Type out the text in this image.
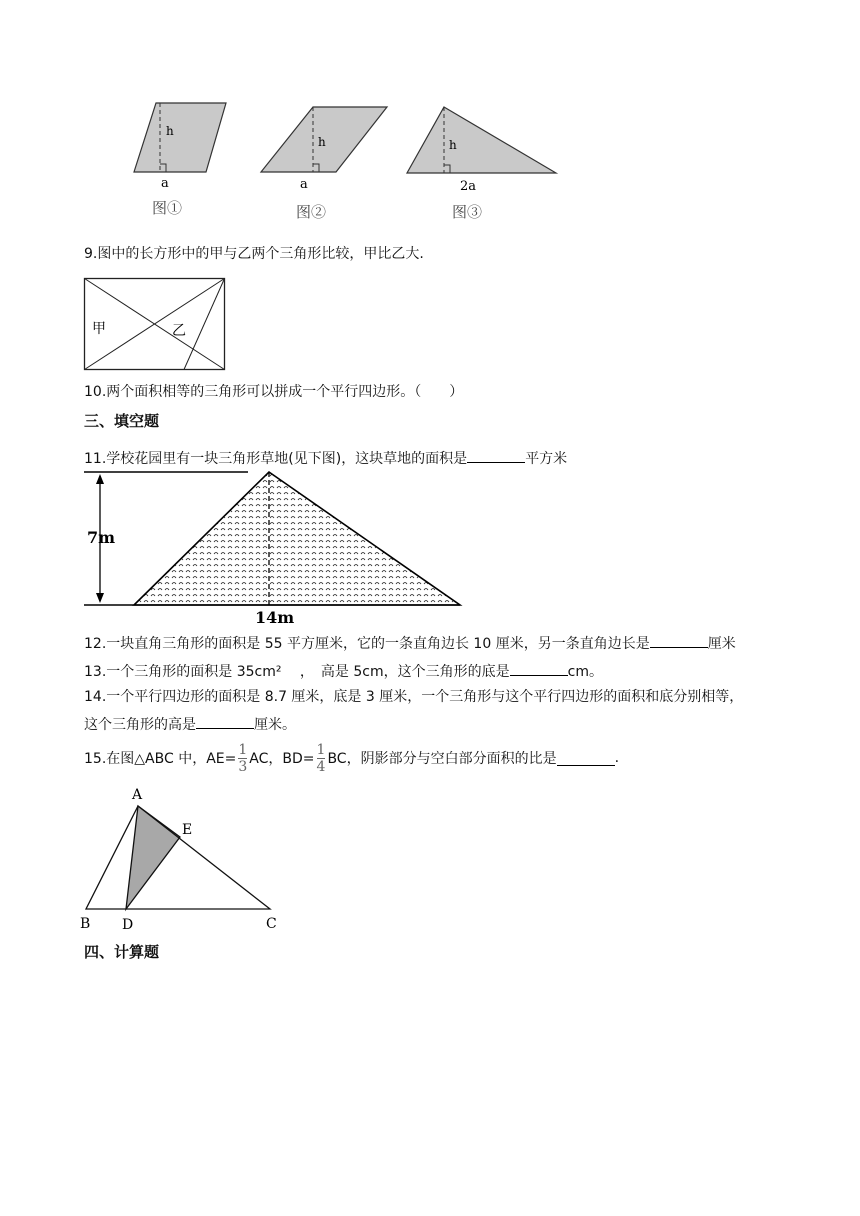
h
a
图①
h
a
图②
h
2a
图③
9.图中的长方形中的甲与乙两个三角形比较，甲比乙大.
甲	乙
10.两个面积相等的三角形可以拼成一个平行四边形。（　　）
三、填空题
11.学校花园里有一块三角形草地(见下图)，这块草地的面积是	平方米
7m
14m
12.一块直角三角形的面积是 55 平方厘米，它的一条直角边长 10 厘米，另一条直角边长是	厘米
13.一个三角形的面积是 35cm²　 ，　高是 5cm，这个三角形的底是	cm。
14.一个平行四边形的面积是 8.7 厘米，底是 3 厘米，一个三角形与这个平行四边形的面积和底分别相等，
这个三角形的高是	厘米。
15.在图△ABC 中，$AE= \frac{1}{3}$ AC，$BD= \frac{1}{4}$ BC，阴影部分与空白部分面积的比是	.
A
E
B D	C
四、计算题
